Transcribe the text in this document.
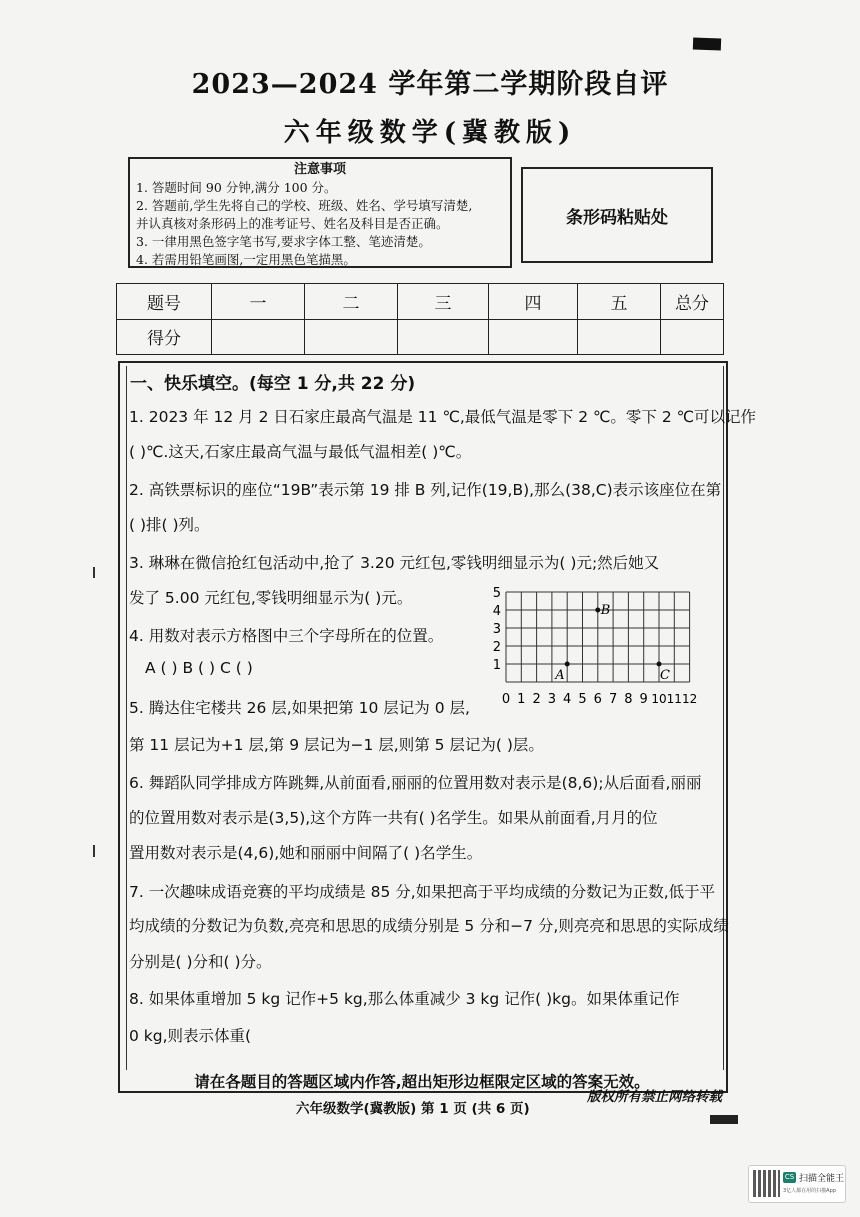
2023—2024 学年第二学期阶段自评
六年级数学(冀教版)
注意事项
1. 答题时间 90 分钟,满分 100 分。
2. 答题前,学生先将自己的学校、班级、姓名、学号填写清楚,
并认真核对条形码上的准考证号、姓名及科目是否正确。
3. 一律用黑色签字笔书写,要求字体工整、笔迹清楚。
4. 若需用铅笔画图,一定用黑色笔描黑。
条形码粘贴处
题号	一	二	三	四	五	总分
得分						
一、快乐填空。(每空 1 分,共 22 分)
1. 2023 年 12 月 2 日石家庄最高气温是 11 ℃,最低气温是零下 2 ℃。零下 2 ℃可以记作
( )℃.这天,石家庄最高气温与最低气温相差( )℃。
2. 高铁票标识的座位“19B”表示第 19 排 B 列,记作(19,B),那么(38,C)表示该座位在第
( )排( )列。
3. 琳琳在微信抢红包活动中,抢了 3.20 元红包,零钱明细显示为( )元;然后她又
发了 5.00 元红包,零钱明细显示为( )元。
4. 用数对表示方格图中三个字母所在的位置。
A ( ) B ( ) C ( )
5. 腾达住宅楼共 26 层,如果把第 10 层记为 0 层,
第 11 层记为+1 层,第 9 层记为−1 层,则第 5 层记为( )层。
6. 舞蹈队同学排成方阵跳舞,从前面看,丽丽的位置用数对表示是(8,6);从后面看,丽丽
的位置用数对表示是(3,5),这个方阵一共有( )名学生。如果从前面看,月月的位
置用数对表示是(4,6),她和丽丽中间隔了( )名学生。
7. 一次趣味成语竞赛的平均成绩是 85 分,如果把高于平均成绩的分数记为正数,低于平
均成绩的分数记为负数,亮亮和思思的成绩分别是 5 分和−7 分,则亮亮和思思的实际成绩
分别是( )分和( )分。
8. 如果体重增加 5 kg 记作+5 kg,那么体重减少 3 kg 记作( )kg。如果体重记作
0 kg,则表示体重(
0 1 2 3 4 5 6 7 8 9 10 11 12
1
2
3
4
5
A
B
C
请在各题目的答题区域内作答,超出矩形边框限定区域的答案无效。
版权所有禁止网络转载
六年级数学(冀教版) 第 1 页 (共 6 页)
CS 扫描全能王
3亿人都在用的扫描App
